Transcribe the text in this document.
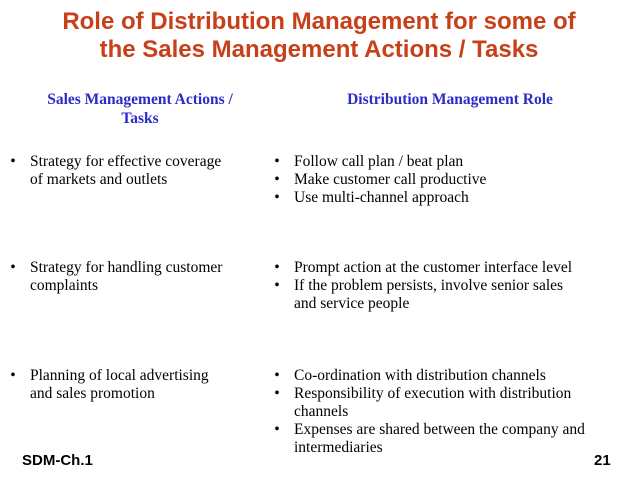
Role of Distribution Management for some of
the Sales Management Actions / Tasks
Sales Management Actions /
Tasks
Distribution Management Role
• Strategy for effective coverage
of markets and outlets
• Follow call plan / beat plan
• Make customer call productive
• Use multi-channel approach
• Strategy for handling customer
complaints
• Prompt action at the customer interface level
• If the problem persists, involve senior sales
and service people
• Planning of local advertising
and sales promotion
• Co-ordination with distribution channels
• Responsibility of execution with distribution
channels
• Expenses are shared between the company and
intermediaries
SDM-Ch.1	21
